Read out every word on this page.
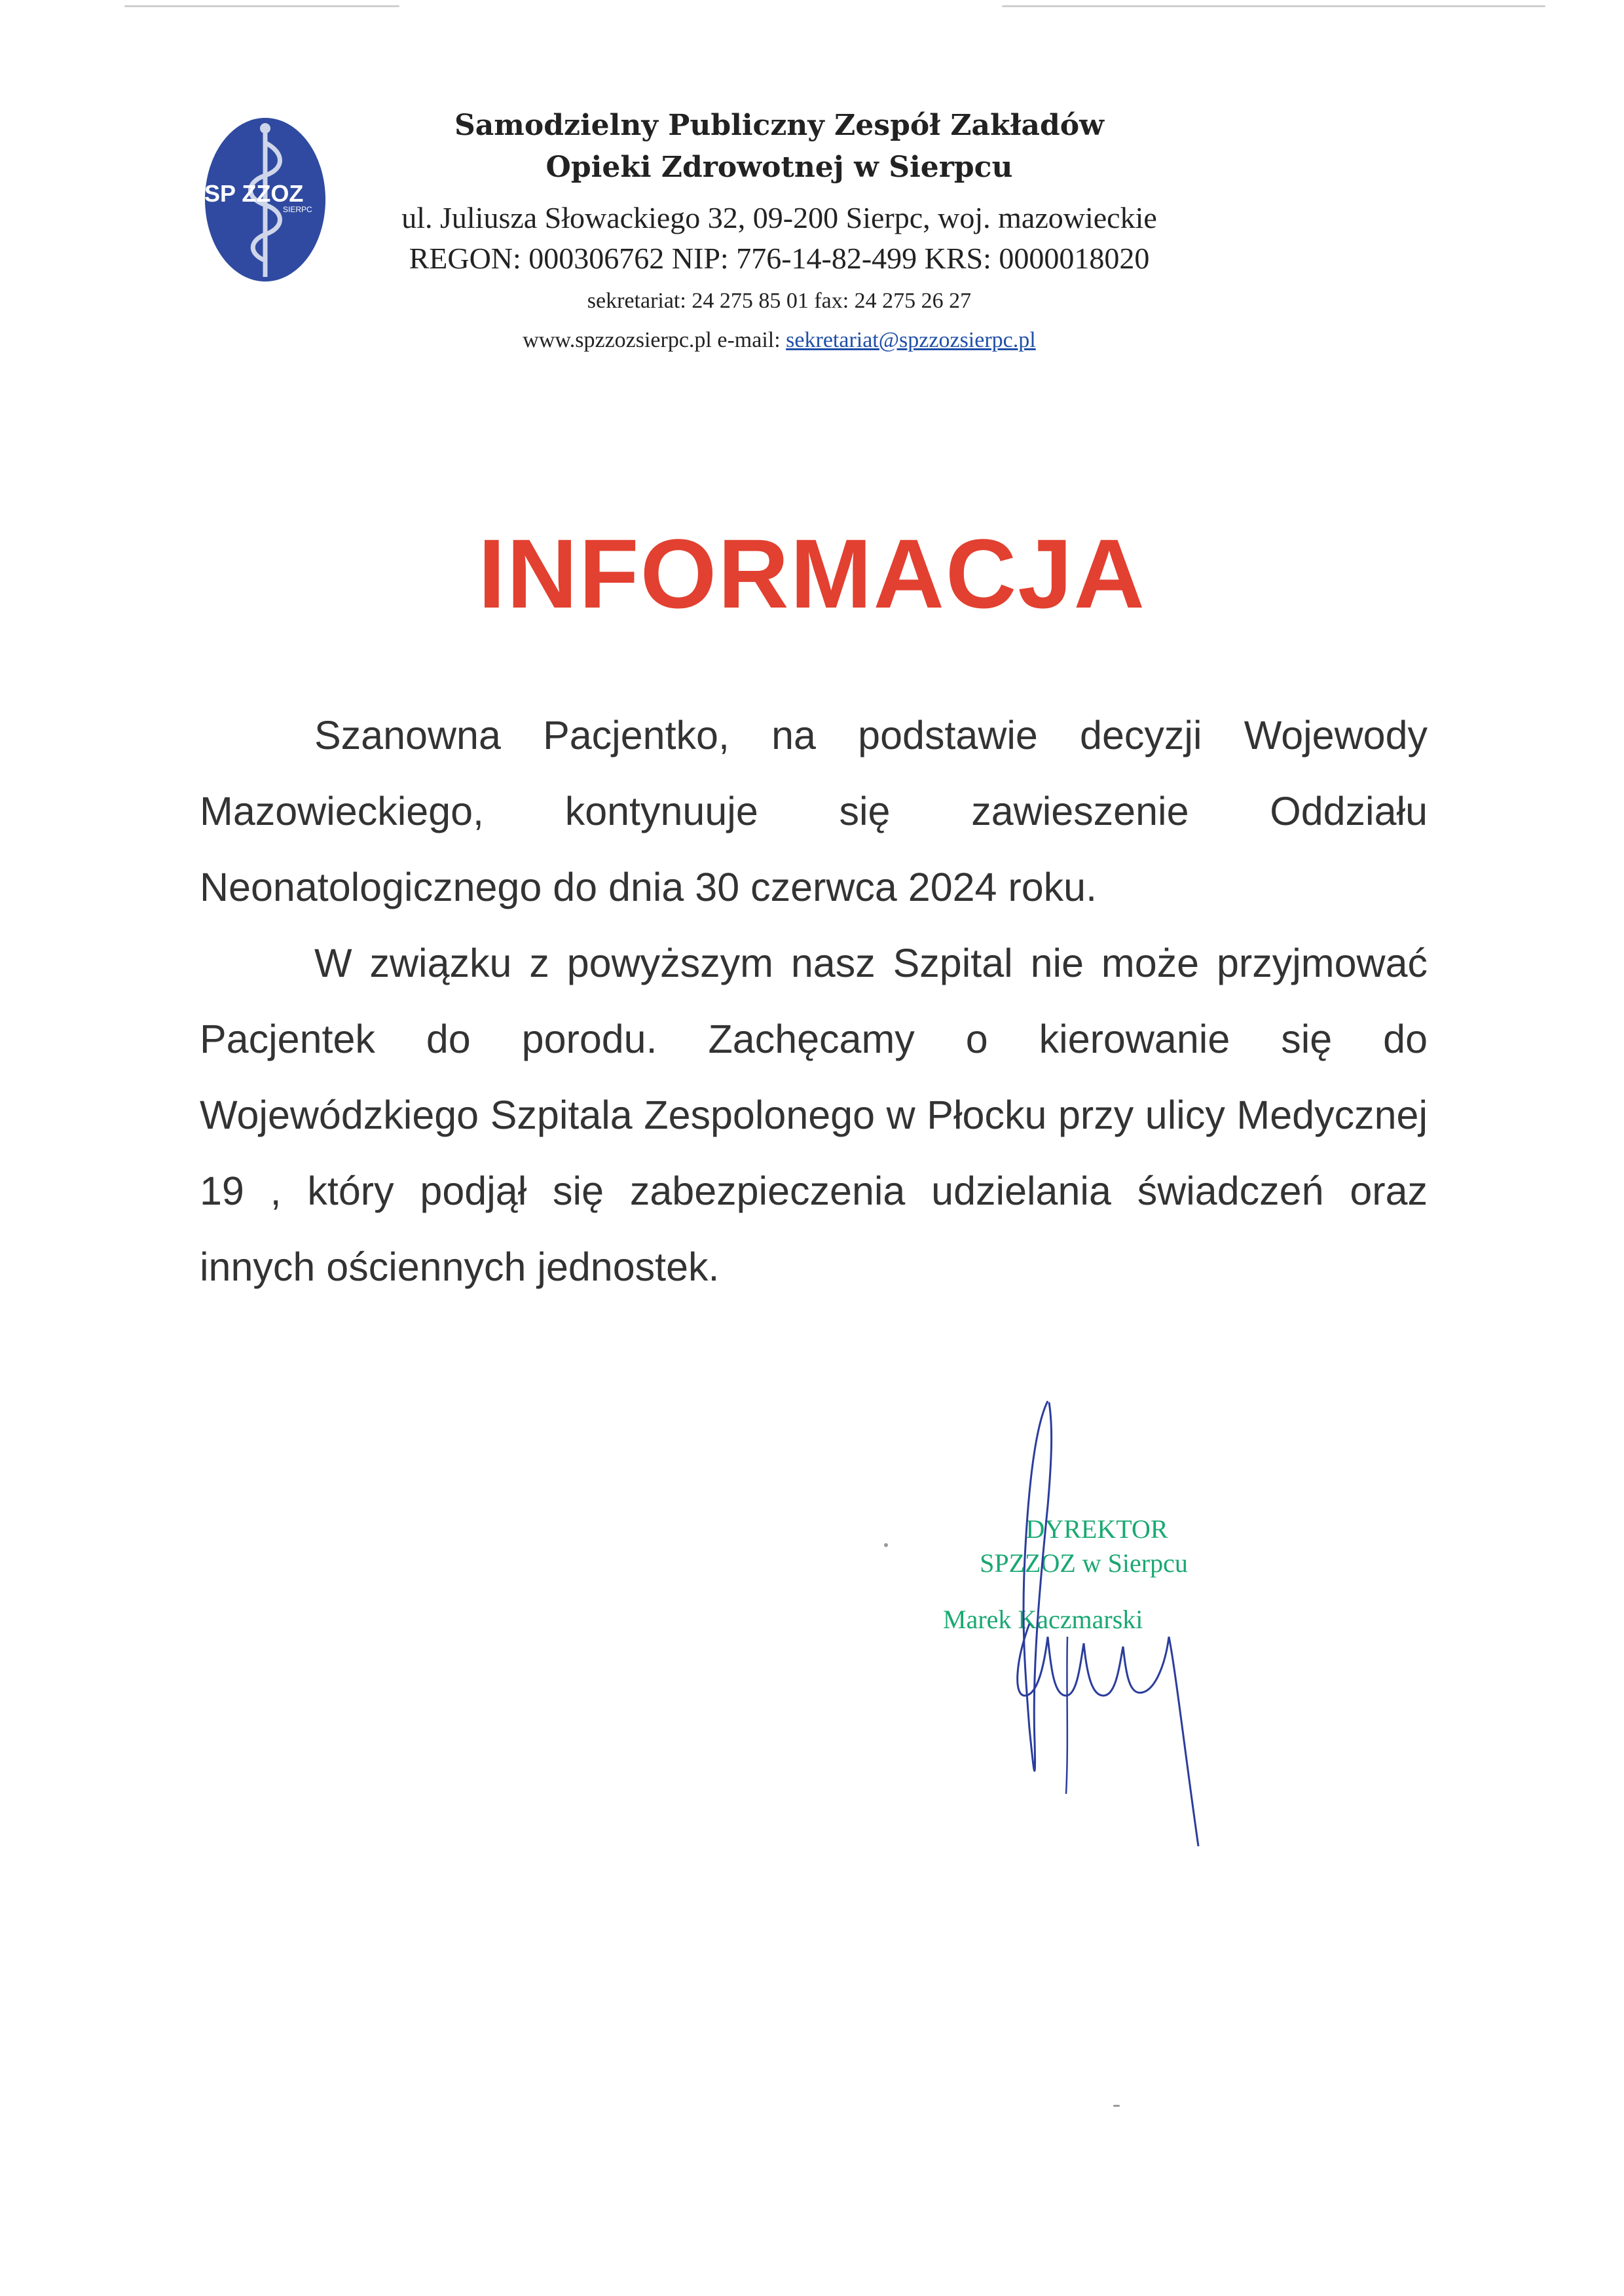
SP ZZOZ
SIERPC
Samodzielny Publiczny Zespół Zakładów
Opieki Zdrowotnej w Sierpcu
ul. Juliusza Słowackiego 32, 09-200 Sierpc, woj. mazowieckie
REGON: 000306762 NIP: 776-14-82-499 KRS: 0000018020
sekretariat: 24 275 85 01 fax: 24 275 26 27
www.spzzozsierpc.pl e-mail: sekretariat@spzzozsierpc.pl
INFORMACJA

Szanowna Pacjentko, na podstawie decyzji Wojewody Mazowieckiego, kontynuuje się zawieszenie Oddziału Neonatologicznego do dnia 30 czerwca 2024 roku.

W związku z powyższym nasz Szpital nie może przyjmować Pacjentek do porodu. Zachęcamy o kierowanie się do Wojewódzkiego Szpitala Zespolonego w Płocku przy ulicy Medycznej 19 , który podjął się zabezpieczenia udzielania świadczeń oraz innych ościennych jednostek.

DYREKTOR
SPZZOZ w Sierpcu
Marek Kaczmarski
